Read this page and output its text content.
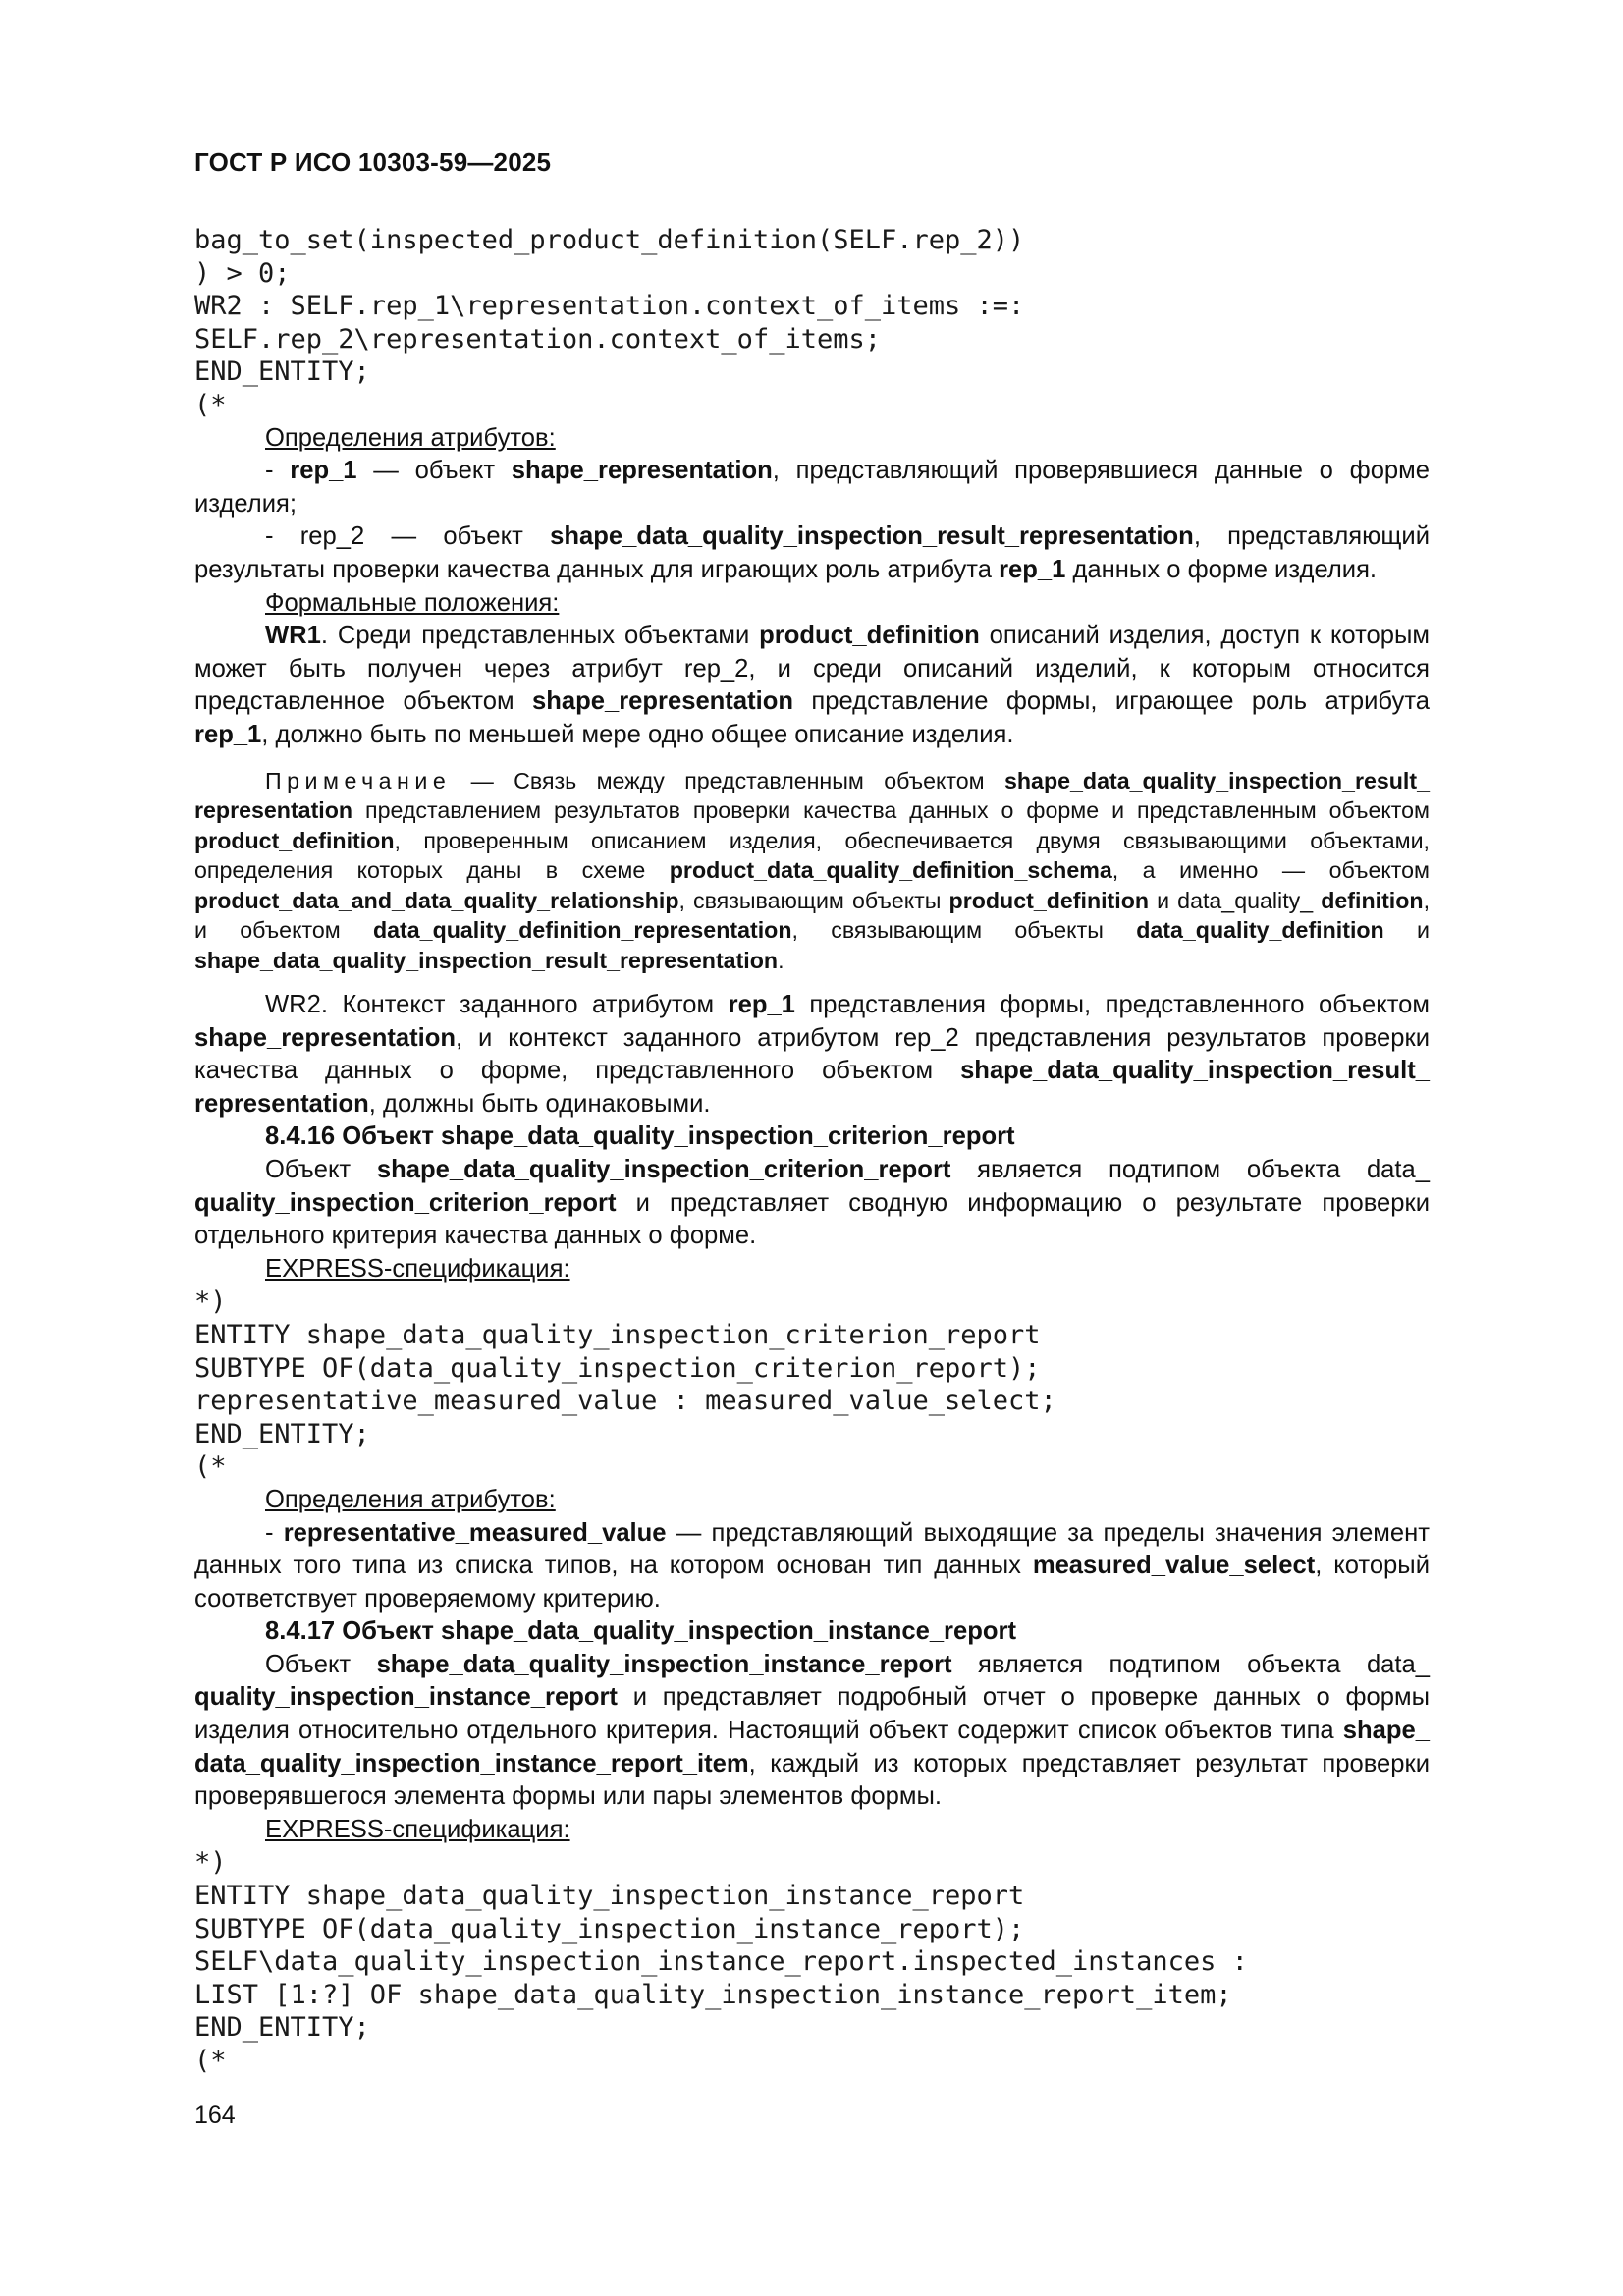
ГОСТ Р ИСО 10303-59—2025
bag_to_set(inspected_product_definition(SELF.rep_2))
) > 0;
WR2 : SELF.rep_1\representation.context_of_items :=:
SELF.rep_2\representation.context_of_items;
END_ENTITY;
(*
Определения атрибутов:

- rep_1 — объект shape_representation, представляющий проверявшиеся данные о форме изделия;

- rep_2 — объект shape_data_quality_inspection_result_representation, представляющий результаты проверки качества данных для играющих роль атрибута rep_1 данных о форме изделия.

Формальные положения:

WR1. Среди представленных объектами product_definition описаний изделия, доступ к которым может быть получен через атрибут rep_2, и среди описаний изделий, к которым относится представленное объектом shape_representation представление формы, играющее роль атрибута rep_1, должно быть по меньшей мере одно общее описание изделия.

Примечание — Связь между представленным объектом shape_data_quality_inspection_result_ representation представлением результатов проверки качества данных о форме и представленным объектом product_definition, проверенным описанием изделия, обеспечивается двумя связывающими объектами, определения которых даны в схеме product_data_quality_definition_schema, а именно — объектом product_data_and_data_quality_relationship, связывающим объекты product_definition и data_quality_ definition, и объектом data_quality_definition_representation, связывающим объекты data_quality_definition и shape_data_quality_inspection_result_representation.

WR2. Контекст заданного атрибутом rep_1 представления формы, представленного объектом shape_representation, и контекст заданного атрибутом rep_2 представления результатов проверки качества данных о форме, представленного объектом shape_data_quality_inspection_result_ representation, должны быть одинаковыми.

8.4.16 Объект shape_data_quality_inspection_criterion_report

Объект shape_data_quality_inspection_criterion_report является подтипом объекта data_ quality_inspection_criterion_report и представляет сводную информацию о результате проверки отдельного критерия качества данных о форме.

EXPRESS-спецификация:
*)
ENTITY shape_data_quality_inspection_criterion_report
SUBTYPE OF(data_quality_inspection_criterion_report);
representative_measured_value : measured_value_select;
END_ENTITY;
(*
Определения атрибутов:

- representative_measured_value — представляющий выходящие за пределы значения элемент данных того типа из списка типов, на котором основан тип данных measured_value_select, который соответствует проверяемому критерию.

8.4.17 Объект shape_data_quality_inspection_instance_report

Объект shape_data_quality_inspection_instance_report является подтипом объекта data_ quality_inspection_instance_report и представляет подробный отчет о проверке данных о формы изделия относительно отдельного критерия. Настоящий объект содержит список объектов типа shape_ data_quality_inspection_instance_report_item, каждый из которых представляет результат проверки проверявшегося элемента формы или пары элементов формы.

EXPRESS-спецификация:
*)
ENTITY shape_data_quality_inspection_instance_report
SUBTYPE OF(data_quality_inspection_instance_report);
SELF\data_quality_inspection_instance_report.inspected_instances :
LIST [1:?] OF shape_data_quality_inspection_instance_report_item;
END_ENTITY;
(*
164
